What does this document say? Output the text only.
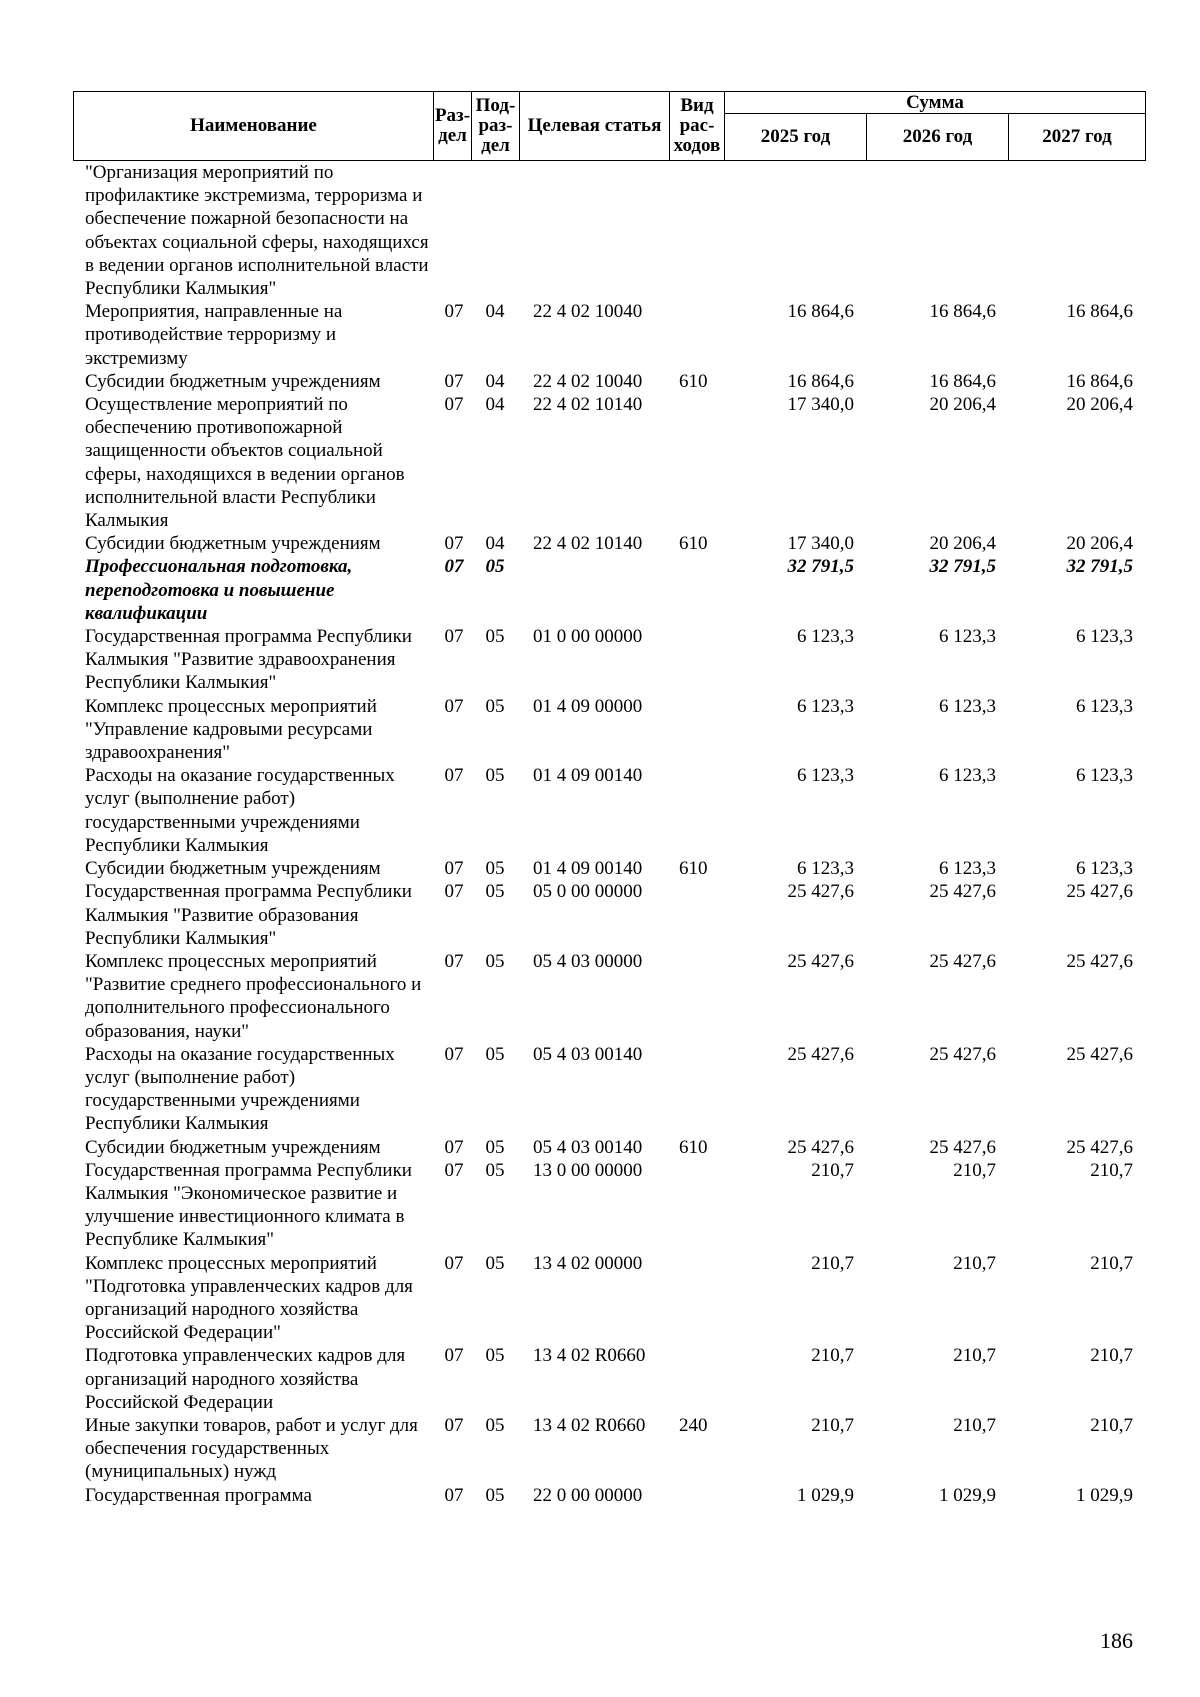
Наименование	Раз-дел	Под-раз-дел	Целевая статья	Вид рас-ходов	Сумма		
					2025 год	2026 год	2027 год
"Организация мероприятий по профилактике экстремизма, терроризма и обеспечение пожарной безопасности на объектах социальной сферы, находящихся в ведении органов исполнительной власти Республики Калмыкия"							
Мероприятия, направленные на противодействие терроризму и экстремизму	07	04	22 4 02 10040		16 864,6	16 864,6	16 864,6
Субсидии бюджетным учреждениям	07	04	22 4 02 10040	610	16 864,6	16 864,6	16 864,6
Осуществление мероприятий по обеспечению противопожарной защищенности объектов социальной сферы, находящихся в ведении органов исполнительной власти Республики Калмыкия	07	04	22 4 02 10140		17 340,0	20 206,4	20 206,4
Субсидии бюджетным учреждениям	07	04	22 4 02 10140	610	17 340,0	20 206,4	20 206,4
Профессиональная подготовка, переподготовка и повышение квалификации	07	05			32 791,5	32 791,5	32 791,5
Государственная программа Республики Калмыкия "Развитие здравоохранения Республики Калмыкия"	07	05	01 0 00 00000		6 123,3	6 123,3	6 123,3
Комплекс процессных мероприятий "Управление кадровыми ресурсами здравоохранения"	07	05	01 4 09 00000		6 123,3	6 123,3	6 123,3
Расходы на оказание государственных услуг (выполнение работ) государственными учреждениями Республики Калмыкия	07	05	01 4 09 00140		6 123,3	6 123,3	6 123,3
Субсидии бюджетным учреждениям	07	05	01 4 09 00140	610	6 123,3	6 123,3	6 123,3
Государственная программа Республики Калмыкия "Развитие образования Республики Калмыкия"	07	05	05 0 00 00000		25 427,6	25 427,6	25 427,6
Комплекс процессных мероприятий "Развитие среднего профессионального и дополнительного профессионального образования, науки"	07	05	05 4 03 00000		25 427,6	25 427,6	25 427,6
Расходы на оказание государственных услуг (выполнение работ) государственными учреждениями Республики Калмыкия	07	05	05 4 03 00140		25 427,6	25 427,6	25 427,6
Субсидии бюджетным учреждениям	07	05	05 4 03 00140	610	25 427,6	25 427,6	25 427,6
Государственная программа Республики Калмыкия "Экономическое развитие и улучшение инвестиционного климата в Республике Калмыкия"	07	05	13 0 00 00000		210,7	210,7	210,7
Комплекс процессных мероприятий "Подготовка управленческих кадров для организаций народного хозяйства Российской Федерации"	07	05	13 4 02 00000		210,7	210,7	210,7
Подготовка управленческих кадров для организаций народного хозяйства Российской Федерации	07	05	13 4 02 R0660		210,7	210,7	210,7
Иные закупки товаров, работ и услуг для обеспечения государственных (муниципальных) нужд	07	05	13 4 02 R0660	240	210,7	210,7	210,7
Государственная программа	07	05	22 0 00 00000		1 029,9	1 029,9	1 029,9
186
